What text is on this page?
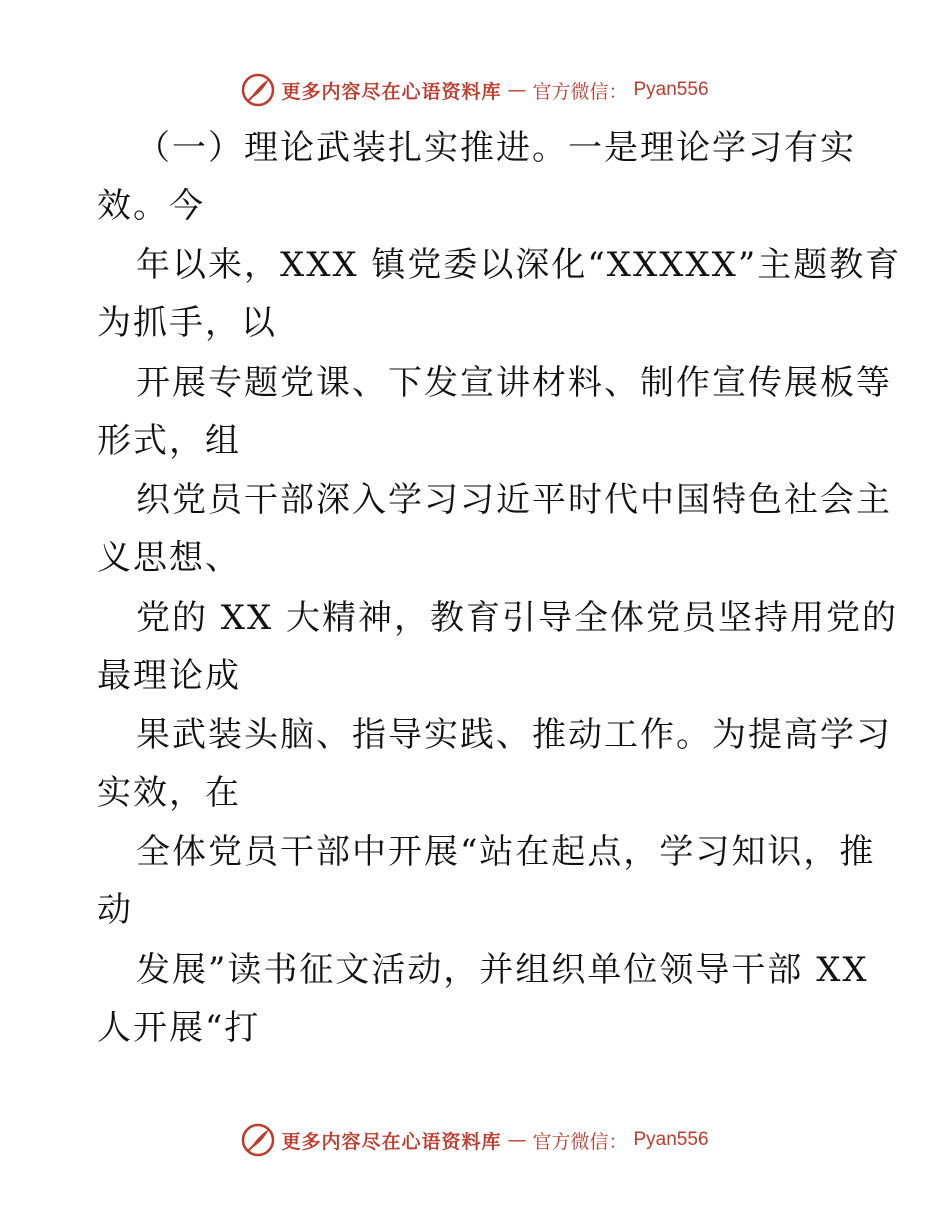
更多内容尽在心语资料库 — 官方微信： Pyan556
（一）理论武装扎实推进。一是理论学习有实
效。今
年以来，XXX 镇党委以深化“XXXXX”主题教育
为抓手，以
开展专题党课、下发宣讲材料、制作宣传展板等
形式，组
织党员干部深入学习习近平时代中国特色社会主
义思想、
党的 XX 大精神，教育引导全体党员坚持用党的
最理论成
果武装头脑、指导实践、推动工作。为提高学习
实效，在
全体党员干部中开展“站在起点，学习知识，推
动
发展”读书征文活动，并组织单位领导干部 XX
人开展“打
更多内容尽在心语资料库 — 官方微信： Pyan556
